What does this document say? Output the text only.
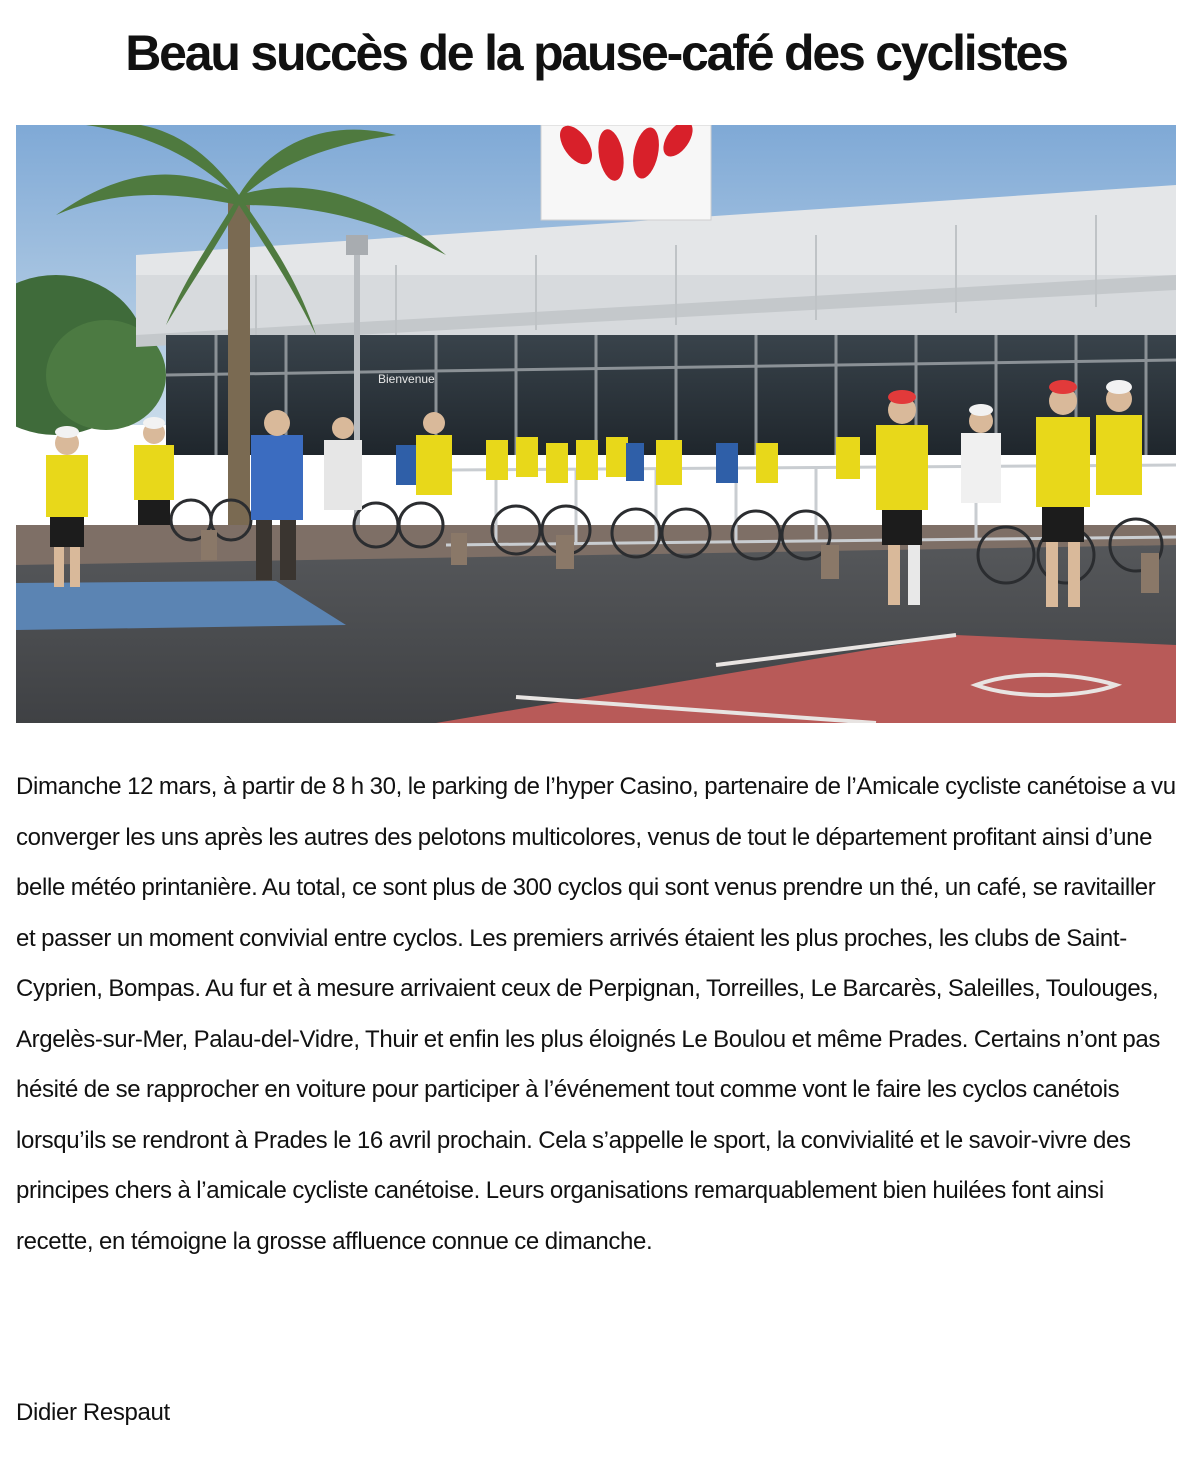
Beau succès de la pause-café des cyclistes
Bienvenue

Dimanche 12 mars, à partir de 8 h 30, le parking de l’hyper Casino, partenaire de l’Amicale cycliste canétoise a vu converger les uns après les autres des pelotons multicolores, venus de tout le département profitant ainsi d’une belle météo printanière. Au total, ce sont plus de 300 cyclos qui sont venus prendre un thé, un café, se ravitailler et passer un moment convivial entre cyclos. Les premiers arrivés étaient les plus proches, les clubs de Saint-Cyprien, Bompas. Au fur et à mesure arrivaient ceux de Perpignan, Torreilles, Le Barcarès, Saleilles, Toulouges, Argelès-sur-Mer, Palau-del-Vidre, Thuir et enfin les plus éloignés Le Boulou et même Prades. Certains n’ont pas hésité de se rapprocher en voiture pour participer à l’événement tout comme vont le faire les cyclos canétois lorsqu’ils se rendront à Prades le 16 avril prochain. Cela s’appelle le sport, la convivialité et le savoir-vivre des principes chers à l’amicale cycliste canétoise. Leurs organisations remarquablement bien huilées font ainsi recette, en témoigne la grosse affluence connue ce dimanche.

Didier Respaut
